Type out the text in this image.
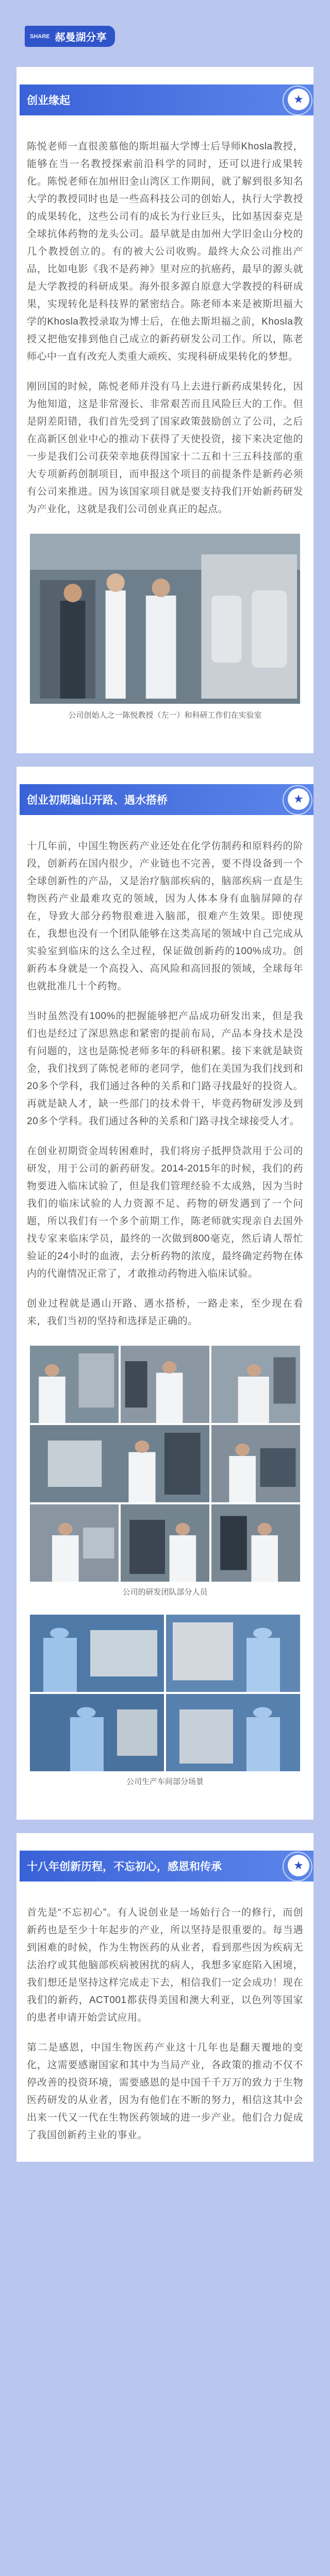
SHARE 郝曼湖分享
创业缘起	★

陈悦老师一直很羡慕他的斯坦福大学博士后导师Khosla教授，能够在当一名教授探索前沿科学的同时，还可以进行成果转化。陈悦老师在加州旧金山湾区工作期间，就了解到很多知名大学的教授同时也是一些高科技公司的创始人，执行大学教授的成果转化，这些公司有的成长为行业巨头，比如基因泰克是全球抗体药物的龙头公司。最早就是由加州大学旧金山分校的几个教授创立的。有的被大公司收购。最终大众公司推出产品，比如电影《我不是药神》里对应的抗癌药，最早的源头就是大学教授的科研成果。海外很多源自原意大学教授的科研成果，实现转化是科技界的紧密结合。陈老师本来是被斯坦福大学的Khosla教授录取为博士后，在他去斯坦福之前，Khosla教授又把他安排到他自己成立的新药研发公司工作。所以，陈老师心中一直有改充人类重大顽疾、实现科研成果转化的梦想。

刚回国的时候，陈悦老师并没有马上去进行新药成果转化，因为他知道，这是非常漫长、非常艰苦而且风险巨大的工作。但是阴差阳错，我们首先受到了国家政策鼓励创立了公司，之后在高新区创业中心的推动下获得了天使投资，接下来决定他的一步是我们公司获荣幸地获得国家十二五和十三五科技部的重大专项新药创制项目，而申报这个项目的前提条件是新药必须有公司来推进。因为该国家项目就是要支持我们开始新药研发为产业化，这就是我们公司创业真正的起点。

公司创始人之一陈悦教授（左一）和科研工作们在实验室
创业初期遍山开路、遇水搭桥	★

十几年前，中国生物医药产业还处在化学仿制药和原料药的阶段，创新药在国内很少，产业链也不完善，要不得设备到一个全球创新性的产品，又是治疗脑部疾病的，脑部疾病一直是生物医药产业最难攻克的领域，因为人体本身有血脑屏障的存在，导致大部分药物很难进入脑部，很难产生效果。即使现在，我想也没有一个团队能够在这类高尾的领域中自己完成从实验室到临床的这么全过程，保证做创新药的100%成功。创新药本身就是一个高投入、高风险和高回报的领域，全球每年也就批准几十个药物。

当时虽然没有100%的把握能够把产品成功研发出来，但是我们也是经过了深思熟虑和紧密的提前布局，产品本身技术是没有问题的，这也是陈悦老师多年的科研积累。接下来就是缺资金，我们找到了陈悦老师的老同学，他们在美国为我们找到和20多个学科，我们通过各种的关系和门路寻找最好的投资人。再就是缺人才，缺一些部门的技术骨干，毕竟药物研发涉及到20多个学科。我们通过各种的关系和门路寻找全球接受人才。

在创业初期资金周转困难时，我们将房子抵押贷款用于公司的研发，用于公司的新药研发。2014-2015年的时候，我们的药物要进入临床试验了，但是我们管理经验不太成熟，因为当时我们的临床试验的人力资源不足、药物的研发遇到了一个问题，所以我们有一个多个前期工作，陈老师就实现亲自去国外找专家来临床学员，最终的一次做到800毫克，然后请人帮忙验证的24小时的血液，去分析药物的浓度，最终确定药物在体内的代谢情况正常了，才敢推动药物进入临床试验。

创业过程就是遇山开路、遇水搭桥，一路走来，至少现在看来，我们当初的坚持和选择是正确的。

公司的研发团队部分人员
公司生产车间部分场景
十八年创新历程，不忘初心，感恩和传承	★

首先是“不忘初心”。有人说创业是一场始行合一的修行，而创新药也是至少十年起步的产业，所以坚持是很重要的。每当遇到困难的时候，作为生物医药的从业者，看到那些因为疾病无法治疗或其他脑部疾病被困扰的病人，我想多家庭陷入困境，我们想还是坚持这样完成走下去，相信我们一定会成功！现在我们的新药，ACT001都获得美国和澳大利亚，以色列等国家的患者申请开始尝试应用。

第二是感恩，中国生物医药产业这十几年也是翻天覆地的变化，这需要感谢国家和其中为当局产业，各政策的推动不仅不停改善的投资环境，需要感恩的是中国千千万万的致力于生物医药研发的从业者，因为有他们在不断的努力，相信这其中会出来一代又一代在生物医药领域的进一步产业。他们合力促成了我国创新药主业的事业。
